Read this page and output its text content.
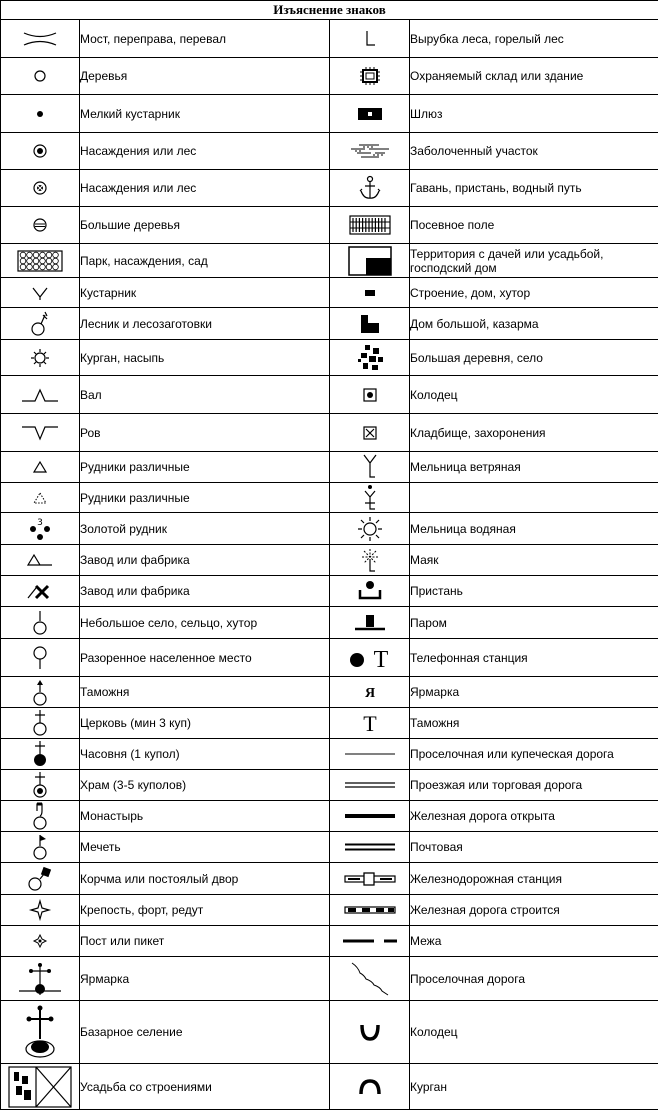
Изъяснение знаков			

	Мост, переправа, перевал		Вырубка леса, горелый лес

	Деревья		Охраняемый склад или здание

	Мелкий кустарник		Шлюз

	Насаждения или лес		Заболоченный участок

	Насаждения или лес		Гавань, пристань, водный путь

	Большие деревья		Посевное поле

	Парк, насаждения, сад		Территория с дачей или усадьбой, господский дом

	Кустарник		Строение, дом, хутор

	Лесник и лесозаготовки		Дом большой, казарма

	Курган, насыпь		Большая деревня, село

	Вал		Колодец

	Ров		Кладбище, захоронения

	Рудники различные		Мельница ветряная

	Рудники различные	

3	Золотой рудник		Мельница водяная

	Завод или фабрика		Маяк

	Завод или фабрика		Пристань

	Небольшое село, сельцо, хутор		Паром

	Разоренное населенное место	T	Телефонная станция

	Таможня	Я	Ярмарка

	Церковь (мин 3 куп)	T	Таможня

	Часовня (1 купол)		Проселочная или купеческая дорога

	Храм (3-5 куполов)		Проезжая или торговая дорога

	Монастырь		Железная дорога открыта

	Мечеть		Почтовая

	Корчма или постоялый двор		Железнодорожная станция

	Крепость, форт, редут		Железная дорога строится

	Пост или пикет		Межа

	Ярмарка		Проселочная дорога

	Базарное селение		Колодец

	Усадьба со строениями		Курган
